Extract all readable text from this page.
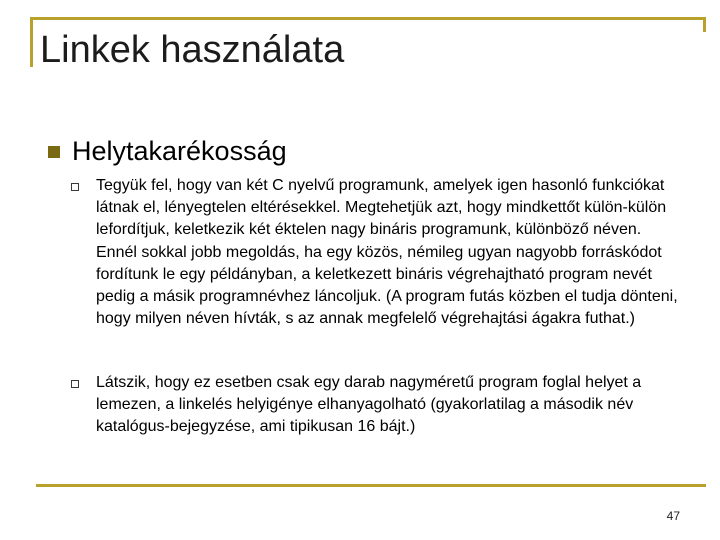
Linkek használata
Helytakarékosság

Tegyük fel, hogy van két C nyelvű programunk, amelyek igen hasonló funkciókat látnak el, lényegtelen eltérésekkel. Megtehetjük azt, hogy mindkettőt külön-külön lefordítjuk, keletkezik két éktelen nagy bináris programunk, különböző néven. Ennél sokkal jobb megoldás, ha egy közös, némileg ugyan nagyobb forráskódot fordítunk le egy példányban, a keletkezett bináris végrehajtható program nevét pedig a másik programnévhez láncoljuk. (A program futás közben el tudja dönteni, hogy milyen néven hívták, s az annak megfelelő végrehajtási ágakra futhat.)

Látszik, hogy ez esetben csak egy darab nagyméretű program foglal helyet a lemezen, a linkelés helyigénye elhanyagolható (gyakorlatilag a második név katalógus-bejegyzése, ami tipikusan 16 bájt.)

47
